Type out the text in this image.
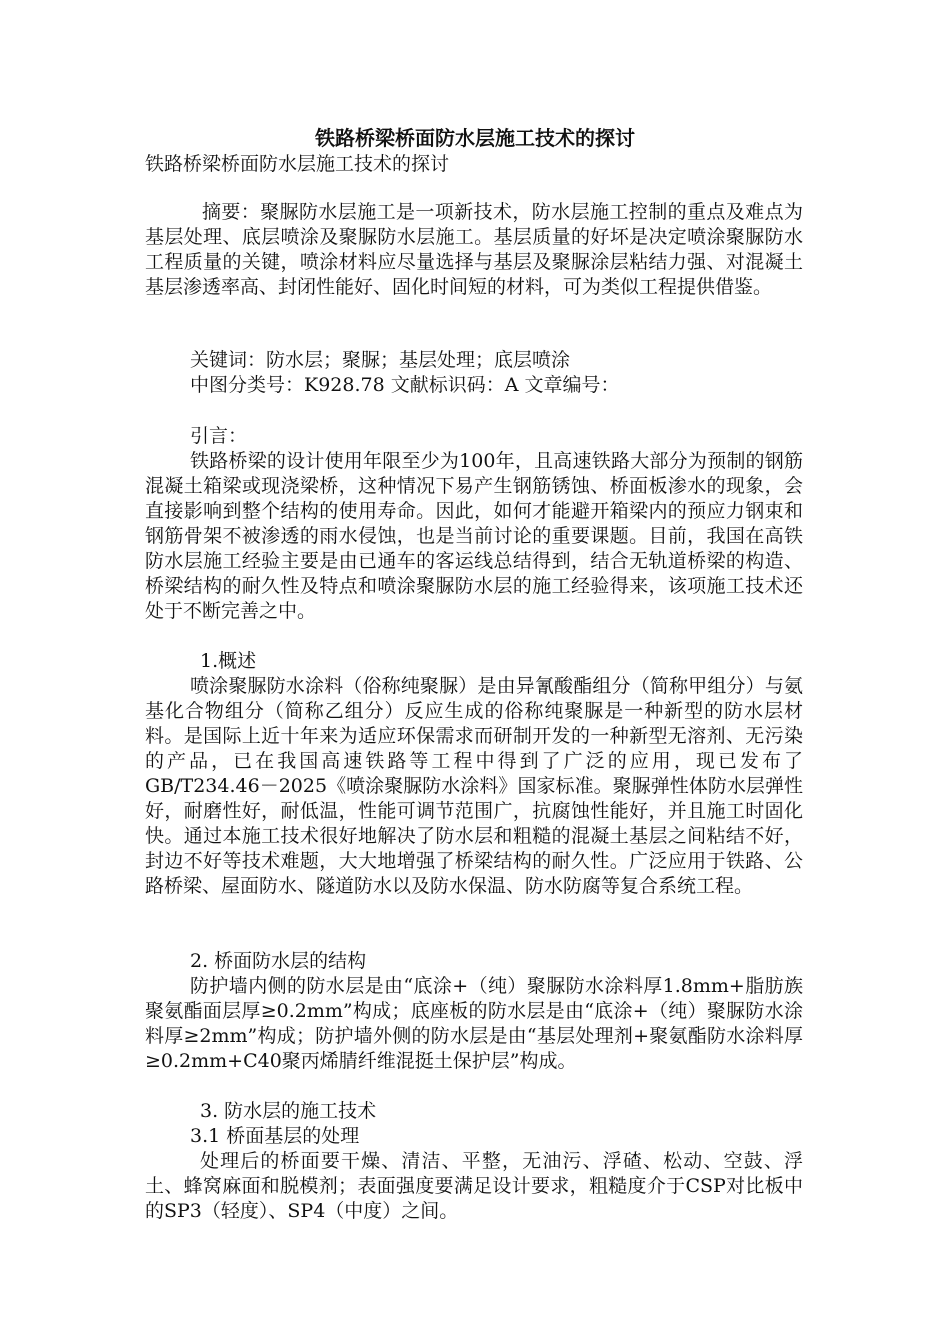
铁路桥梁桥面防水层施工技术的探讨
铁路桥梁桥面防水层施工技术的探讨

摘要：聚脲防水层施工是一项新技术，防水层施工控制的重点及难点为基层处理、底层喷涂及聚脲防水层施工。基层质量的好坏是决定喷涂聚脲防水工程质量的关键，喷涂材料应尽量选择与基层及聚脲涂层粘结力强、对混凝土基层渗透率高、封闭性能好、固化时间短的材料，可为类似工程提供借鉴。

关键词：防水层；聚脲；基层处理；底层喷涂
中图分类号：K928.78 文献标识码：A 文章编号：
引言：

铁路桥梁的设计使用年限至少为100年，且高速铁路大部分为预制的钢筋混凝土箱梁或现浇梁桥，这种情况下易产生钢筋锈蚀、桥面板渗水的现象，会直接影响到整个结构的使用寿命。因此，如何才能避开箱梁内的预应力钢束和钢筋骨架不被渗透的雨水侵蚀，也是当前讨论的重要课题。目前，我国在高铁防水层施工经验主要是由已通车的客运线总结得到，结合无轨道桥梁的构造、桥梁结构的耐久性及特点和喷涂聚脲防水层的施工经验得来，该项施工技术还处于不断完善之中。

1.概述

喷涂聚脲防水涂料（俗称纯聚脲）是由异氰酸酯组分（简称甲组分）与氨基化合物组分（简称乙组分）反应生成的俗称纯聚脲是一种新型的防水层材料。是国际上近十年来为适应环保需求而研制开发的一种新型无溶剂、无污染的产品，已在我国高速铁路等工程中得到了广泛的应用，现已发布了GB/T234.46－2025《喷涂聚脲防水涂料》国家标准。聚脲弹性体防水层弹性好，耐磨性好，耐低温，性能可调节范围广，抗腐蚀性能好，并且施工时固化快。通过本施工技术很好地解决了防水层和粗糙的混凝土基层之间粘结不好，封边不好等技术难题，大大地增强了桥梁结构的耐久性。广泛应用于铁路、公路桥梁、屋面防水、隧道防水以及防水保温、防水防腐等复合系统工程。

2. 桥面防水层的结构

防护墙内侧的防水层是由“底涂+（纯）聚脲防水涂料厚1.8mm+脂肪族聚氨酯面层厚≥0.2mm”构成；底座板的防水层是由“底涂+（纯）聚脲防水涂料厚≥2mm”构成；防护墙外侧的防水层是由“基层处理剂+聚氨酯防水涂料厚≥0.2mm+C40聚丙烯腈纤维混挺土保护层”构成。

3. 防水层的施工技术
3.1 桥面基层的处理

处理后的桥面要干燥、清洁、平整，无油污、浮碴、松动、空鼓、浮土、蜂窝麻面和脱模剂；表面强度要满足设计要求，粗糙度介于CSP对比板中的SP3（轻度）、SP4（中度）之间。
